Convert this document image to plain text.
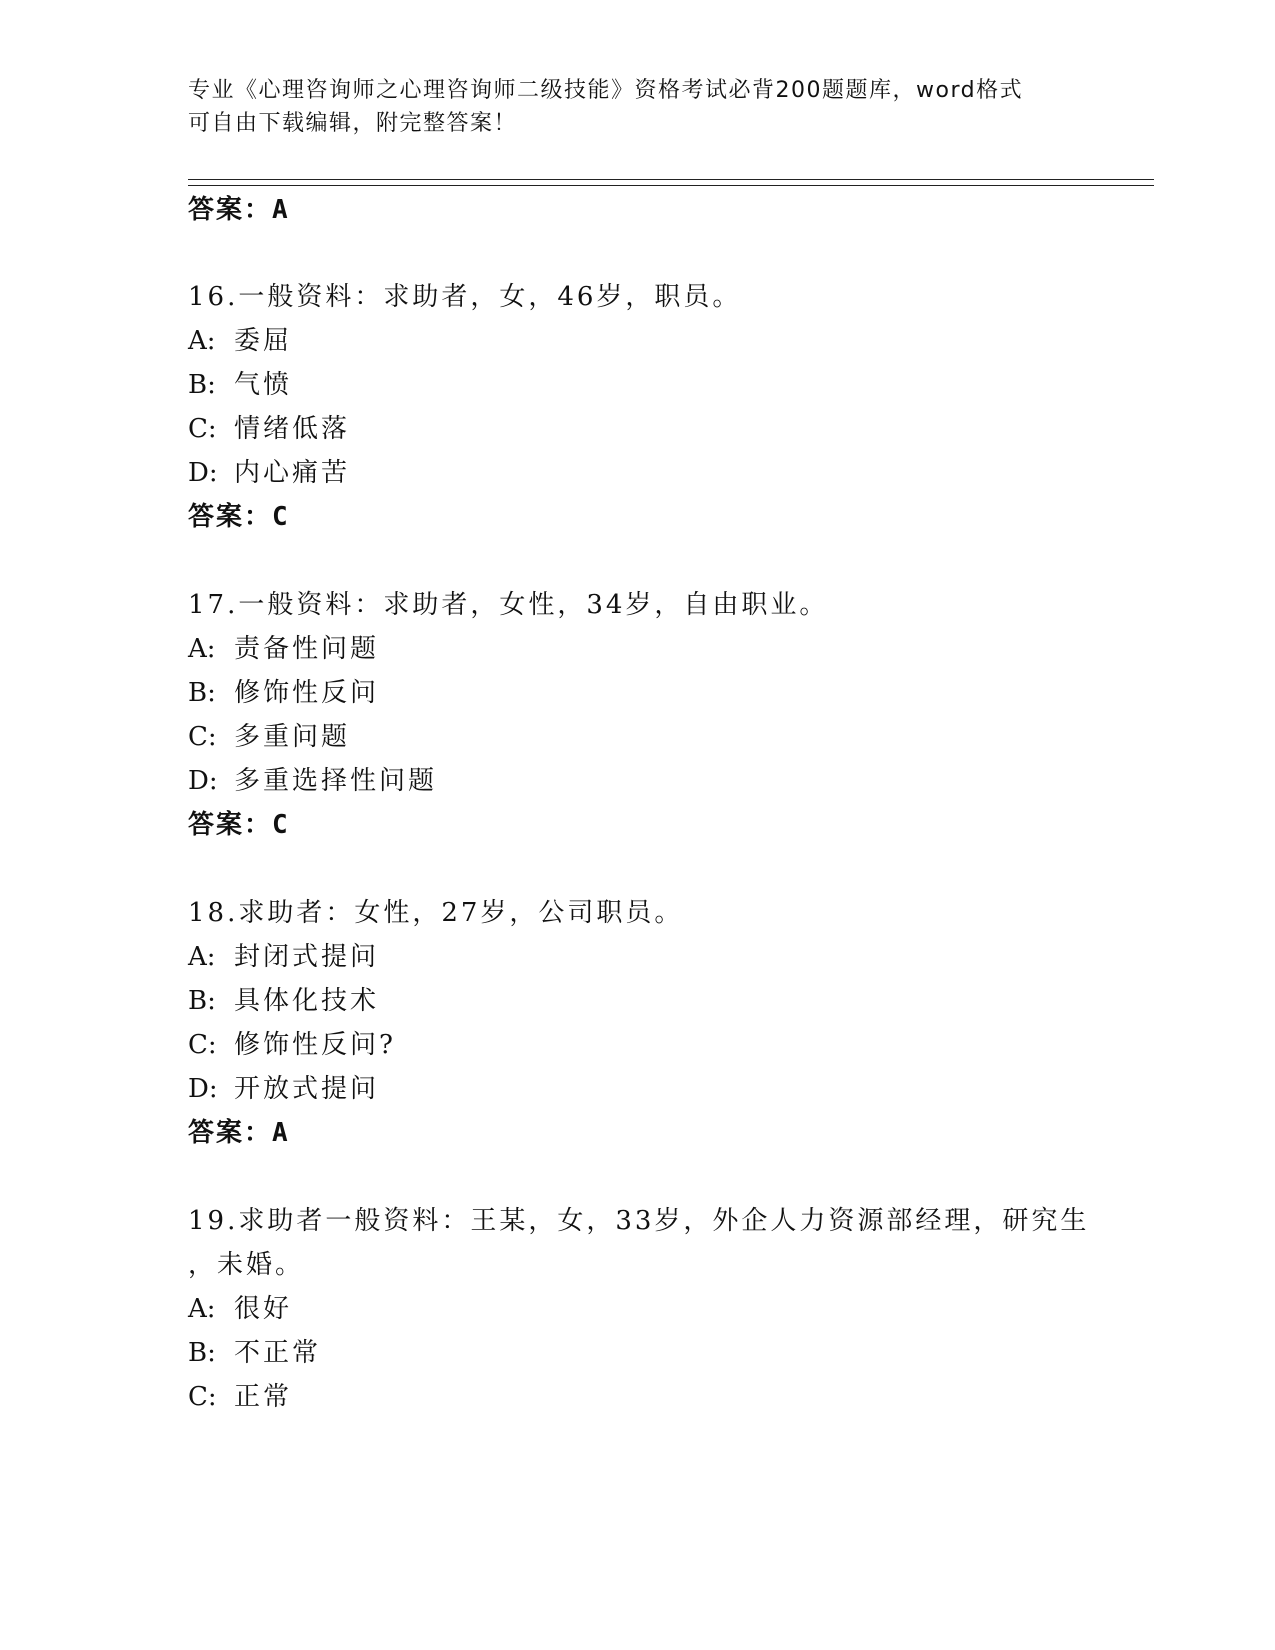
专业《心理咨询师之心理咨询师二级技能》资格考试必背200题题库，word格式
可自由下载编辑，附完整答案！
答案：A
16.一般资料：求助者，女，46岁，职员。
A: 委屈
B: 气愤
C: 情绪低落
D: 内心痛苦
答案：C
17.一般资料：求助者，女性，34岁，自由职业。
A: 责备性问题
B: 修饰性反问
C: 多重问题
D: 多重选择性问题
答案：C
18.求助者：女性，27岁，公司职员。
A: 封闭式提问
B: 具体化技术
C: 修饰性反问?
D: 开放式提问
答案：A
19.求助者一般资料：王某，女，33岁，外企人力资源部经理，研究生
，未婚。
A: 很好
B: 不正常
C: 正常
